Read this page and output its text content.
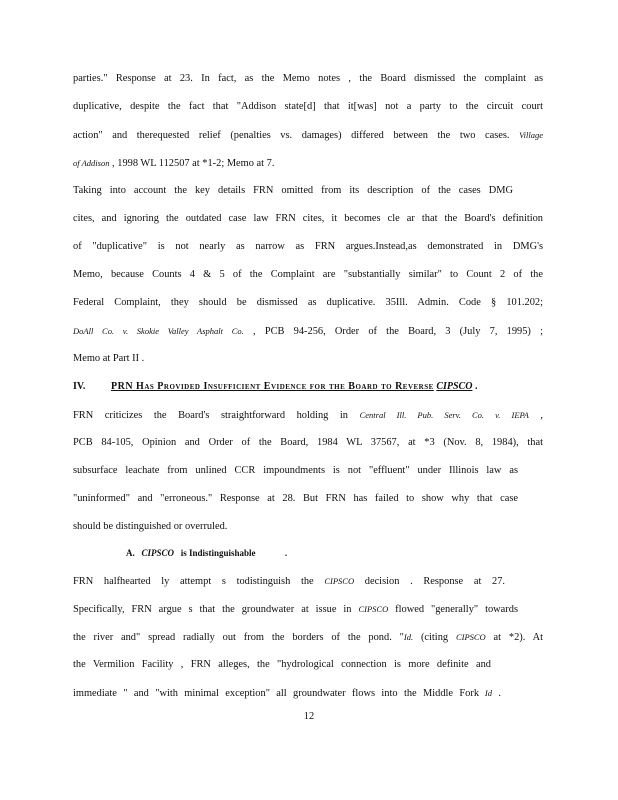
parties." Response at 23. In fact, as the Memo notes , the Board dismissed the complaint as
duplicative, despite the fact that "Addison state[d] that it[was] not a party to the circuit court
action" and therequested relief (penalties vs. damages) differed between the two cases. Village
of Addison , 1998 WL 112507 at *1-2; Memo at 7.
Taking into account the key details FRN omitted from its description of the cases DMG
cites, and ignoring the outdated case law FRN cites, it becomes cle ar that the Board's definition
of "duplicative" is not nearly as narrow as FRN argues.Instead,as demonstrated in DMG's
Memo, because Counts 4 & 5 of the Complaint are "substantially similar" to Count 2 of the
Federal Complaint, they should be dismissed as duplicative. 35Ill. Admin. Code § 101.202;
DoAll Co. v. Skokie Valley Asphalt Co. , PCB 94-256, Order of the Board, 3 (July 7, 1995) ;
Memo at Part II .
IV.	PRN Has Provided Insufficient Evidence for the Board to Reverse CIPSCO .
FRN criticizes the Board's straightforward holding in Central Ill. Pub. Serv. Co. v. IEPA ,
PCB 84-105, Opinion and Order of the Board, 1984 WL 37567, at *3 (Nov. 8, 1984), that
subsurface leachate from unlined CCR impoundments is not "effluent" under Illinois law as
"uninformed" and "erroneous." Response at 28. But FRN has failed to show why that case
should be distinguished or overruled.
A. CIPSCO is Indistinguishable	.
FRN halfhearted ly attempt s todistinguish the CIPSCO decision . Response at 27.
Specifically, FRN argue s that the groundwater at issue in CIPSCO flowed "generally" towards
the river and" spread radially out from the borders of the pond. "Id. (citing CIPSCO at *2). At
the Vermilion Facility , FRN alleges, the "hydrological connection is more definite and
immediate " and "with minimal exception" all groundwater flows into the Middle Fork Id .
12
